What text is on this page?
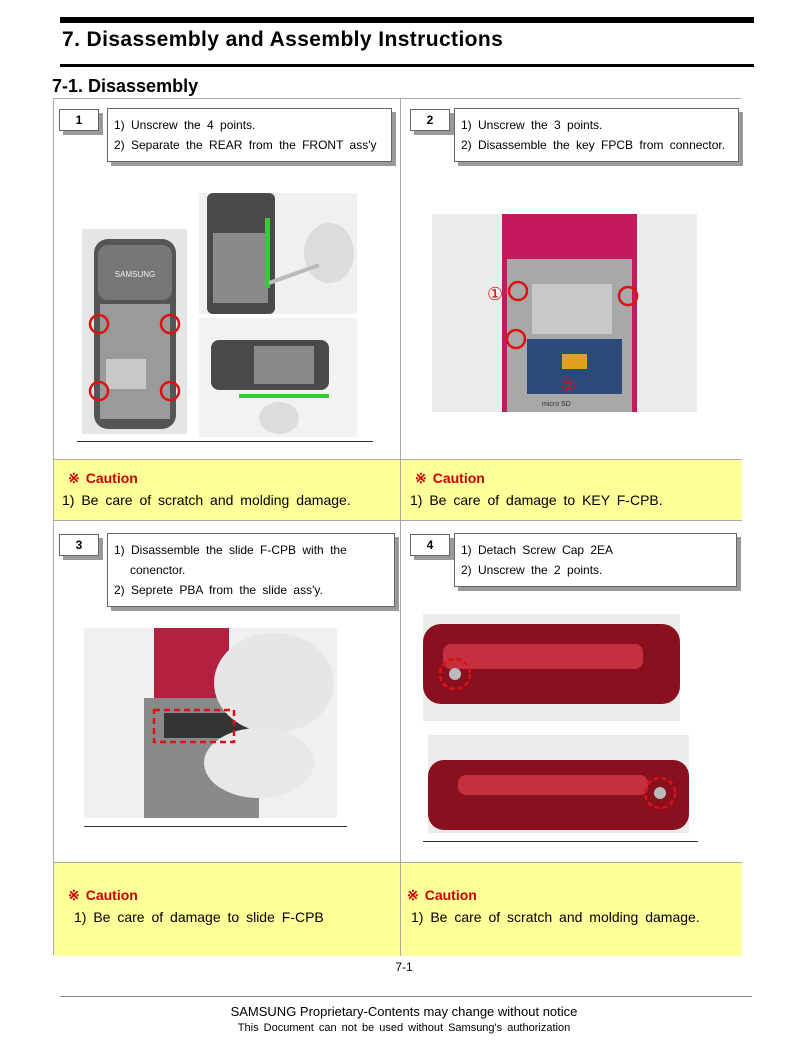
7. Disassembly and Assembly Instructions
7-1. Disassembly
1	1) Unscrew the 4 points.
2) Separate the REAR from the FRONT ass'y
SAMSUNG
2	1) Unscrew the 3 points.
2) Disassemble the key FPCB from connector.
①
②
micro SD
※ Caution
1) Be care of scratch and molding damage.
※ Caution
1) Be care of damage to KEY F-CPB.
3	1) Disassemble the slide F-CPB with the
conenctor.
2) Seprete PBA from the slide ass'y.
4	1) Detach Screw Cap 2EA
2) Unscrew the 2 points.
※ Caution
1) Be care of damage to slide F-CPB
※ Caution
1) Be care of scratch and molding damage.
7-1
SAMSUNG Proprietary-Contents may change without notice
This Document can not be used without Samsung's authorization
